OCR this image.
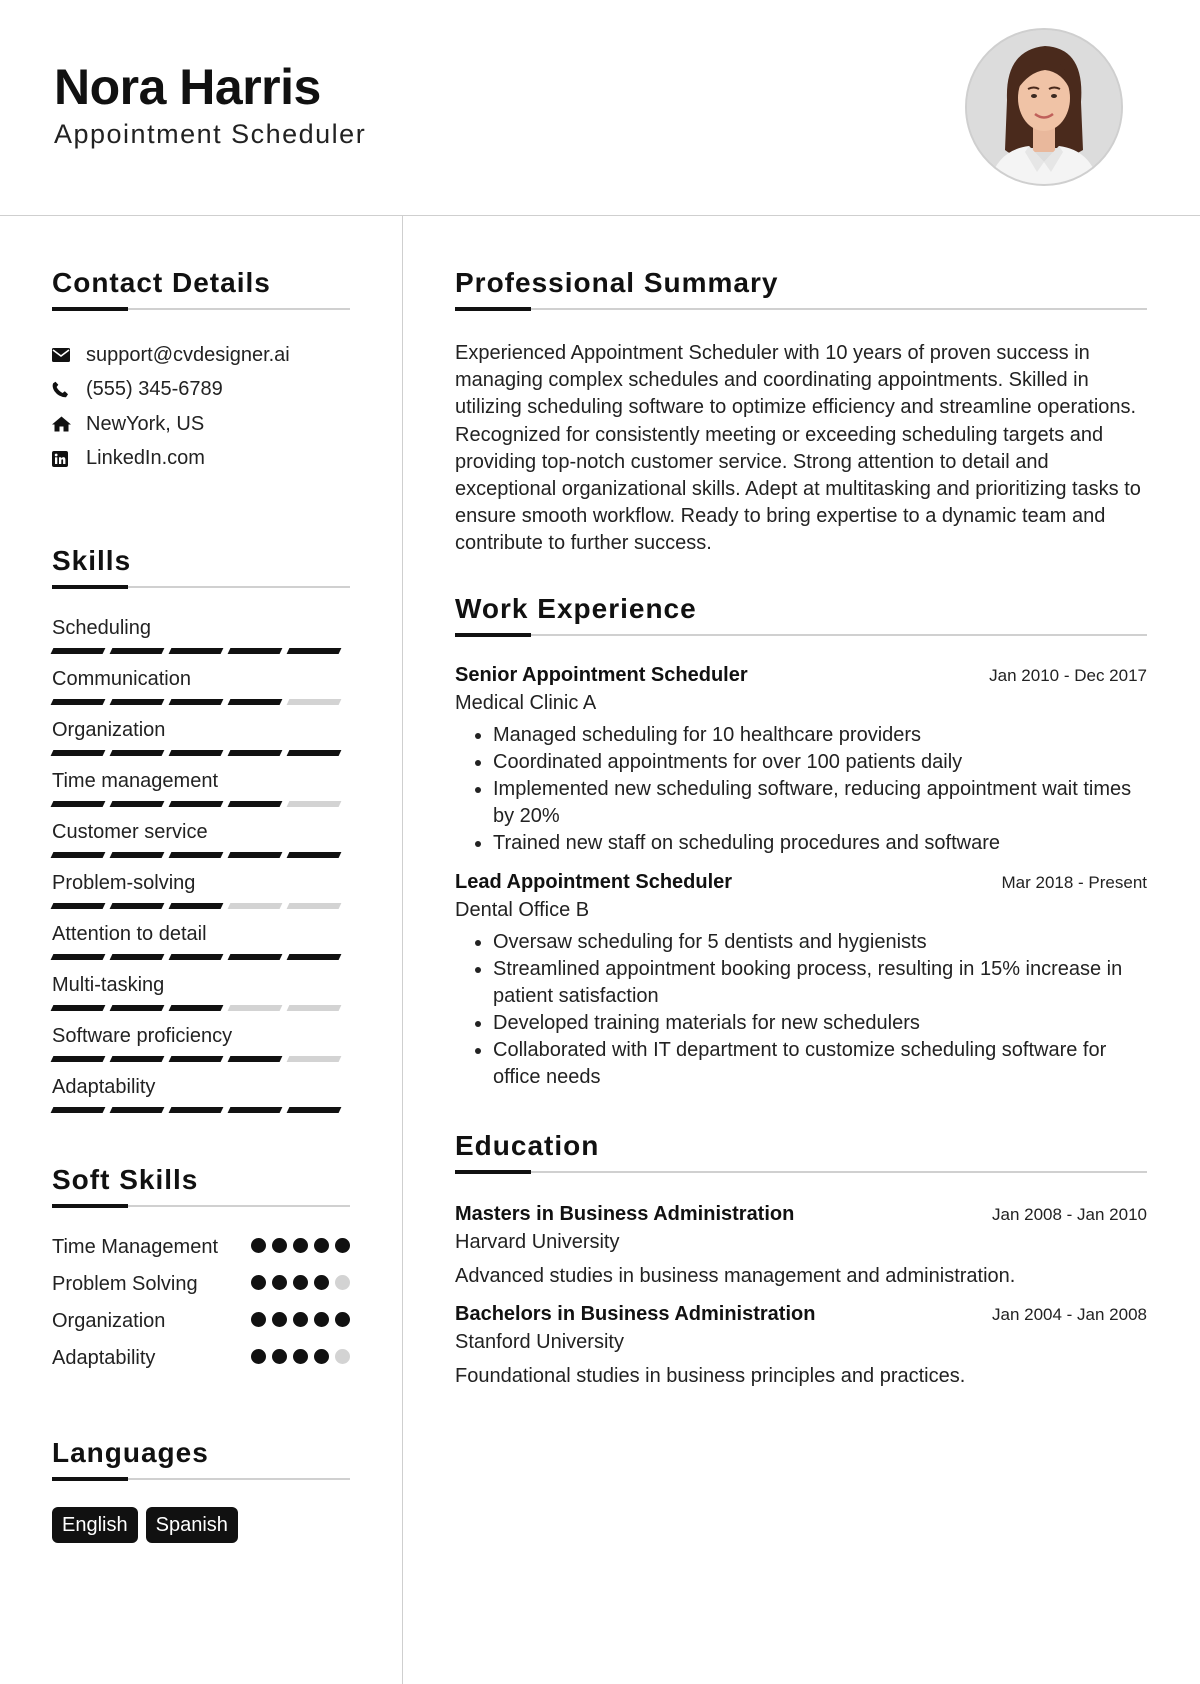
Nora Harris
Appointment Scheduler
Contact Details
support@cvdesigner.ai
(555) 345-6789
NewYork, US
LinkedIn.com
Skills
Scheduling
Communication
Organization
Time management
Customer service
Problem-solving
Attention to detail
Multi-tasking
Software proficiency
Adaptability
Soft Skills
Time Management
Problem Solving
Organization
Adaptability
Languages
English	Spanish
Professional Summary

Experienced Appointment Scheduler with 10 years of proven success in managing complex schedules and coordinating appointments. Skilled in utilizing scheduling software to optimize efficiency and streamline operations. Recognized for consistently meeting or exceeding scheduling targets and providing top-notch customer service. Strong attention to detail and exceptional organizational skills. Adept at multitasking and prioritizing tasks to ensure smooth workflow. Ready to bring expertise to a dynamic team and contribute to further success.

Work Experience
Senior Appointment Scheduler	Jan 2010 - Dec 2017
Medical Clinic A
• Managed scheduling for 10 healthcare providers
• Coordinated appointments for over 100 patients daily
• Implemented new scheduling software, reducing appointment wait times by 20%
• Trained new staff on scheduling procedures and software
Lead Appointment Scheduler	Mar 2018 - Present
Dental Office B
• Oversaw scheduling for 5 dentists and hygienists
• Streamlined appointment booking process, resulting in 15% increase in patient satisfaction
• Developed training materials for new schedulers
• Collaborated with IT department to customize scheduling software for office needs
Education
Masters in Business Administration	Jan 2008 - Jan 2010
Harvard University
Advanced studies in business management and administration.
Bachelors in Business Administration	Jan 2004 - Jan 2008
Stanford University
Foundational studies in business principles and practices.
